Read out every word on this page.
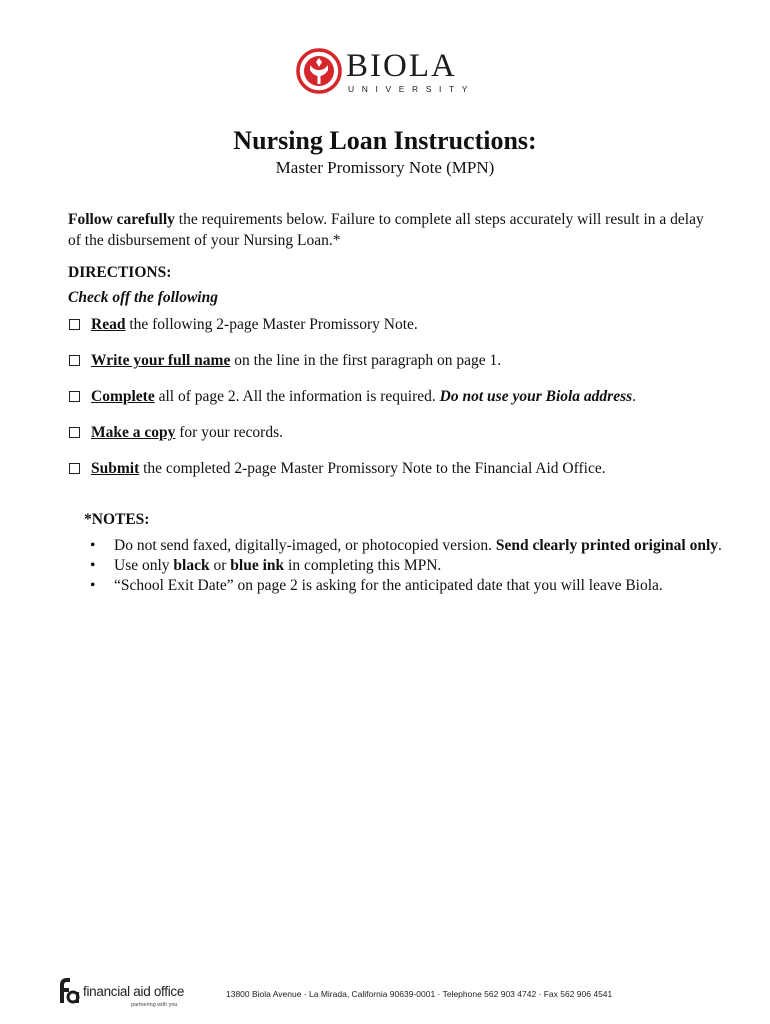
BIOLA
UNIVERSITY
Nursing Loan Instructions:
Master Promissory Note (MPN)
Follow carefully the requirements below. Failure to complete all steps accurately will result in a delay of the disbursement of your Nursing Loan.*
DIRECTIONS:
Check off the following
Read the following 2-page Master Promissory Note.
Write your full name on the line in the first paragraph on page 1.
Complete all of page 2. All the information is required. Do not use your Biola address.
Make a copy for your records.
Submit the completed 2-page Master Promissory Note to the Financial Aid Office.
*NOTES:
• Do not send faxed, digitally-imaged, or photocopied version. Send clearly printed original only.
• Use only black or blue ink in completing this MPN.
• “School Exit Date” on page 2 is asking for the anticipated date that you will leave Biola.
financial aid office
partnering with you
13800 Biola Avenue · La Mirada, California 90639-0001 · Telephone 562 903 4742 · Fax 562 906 4541
